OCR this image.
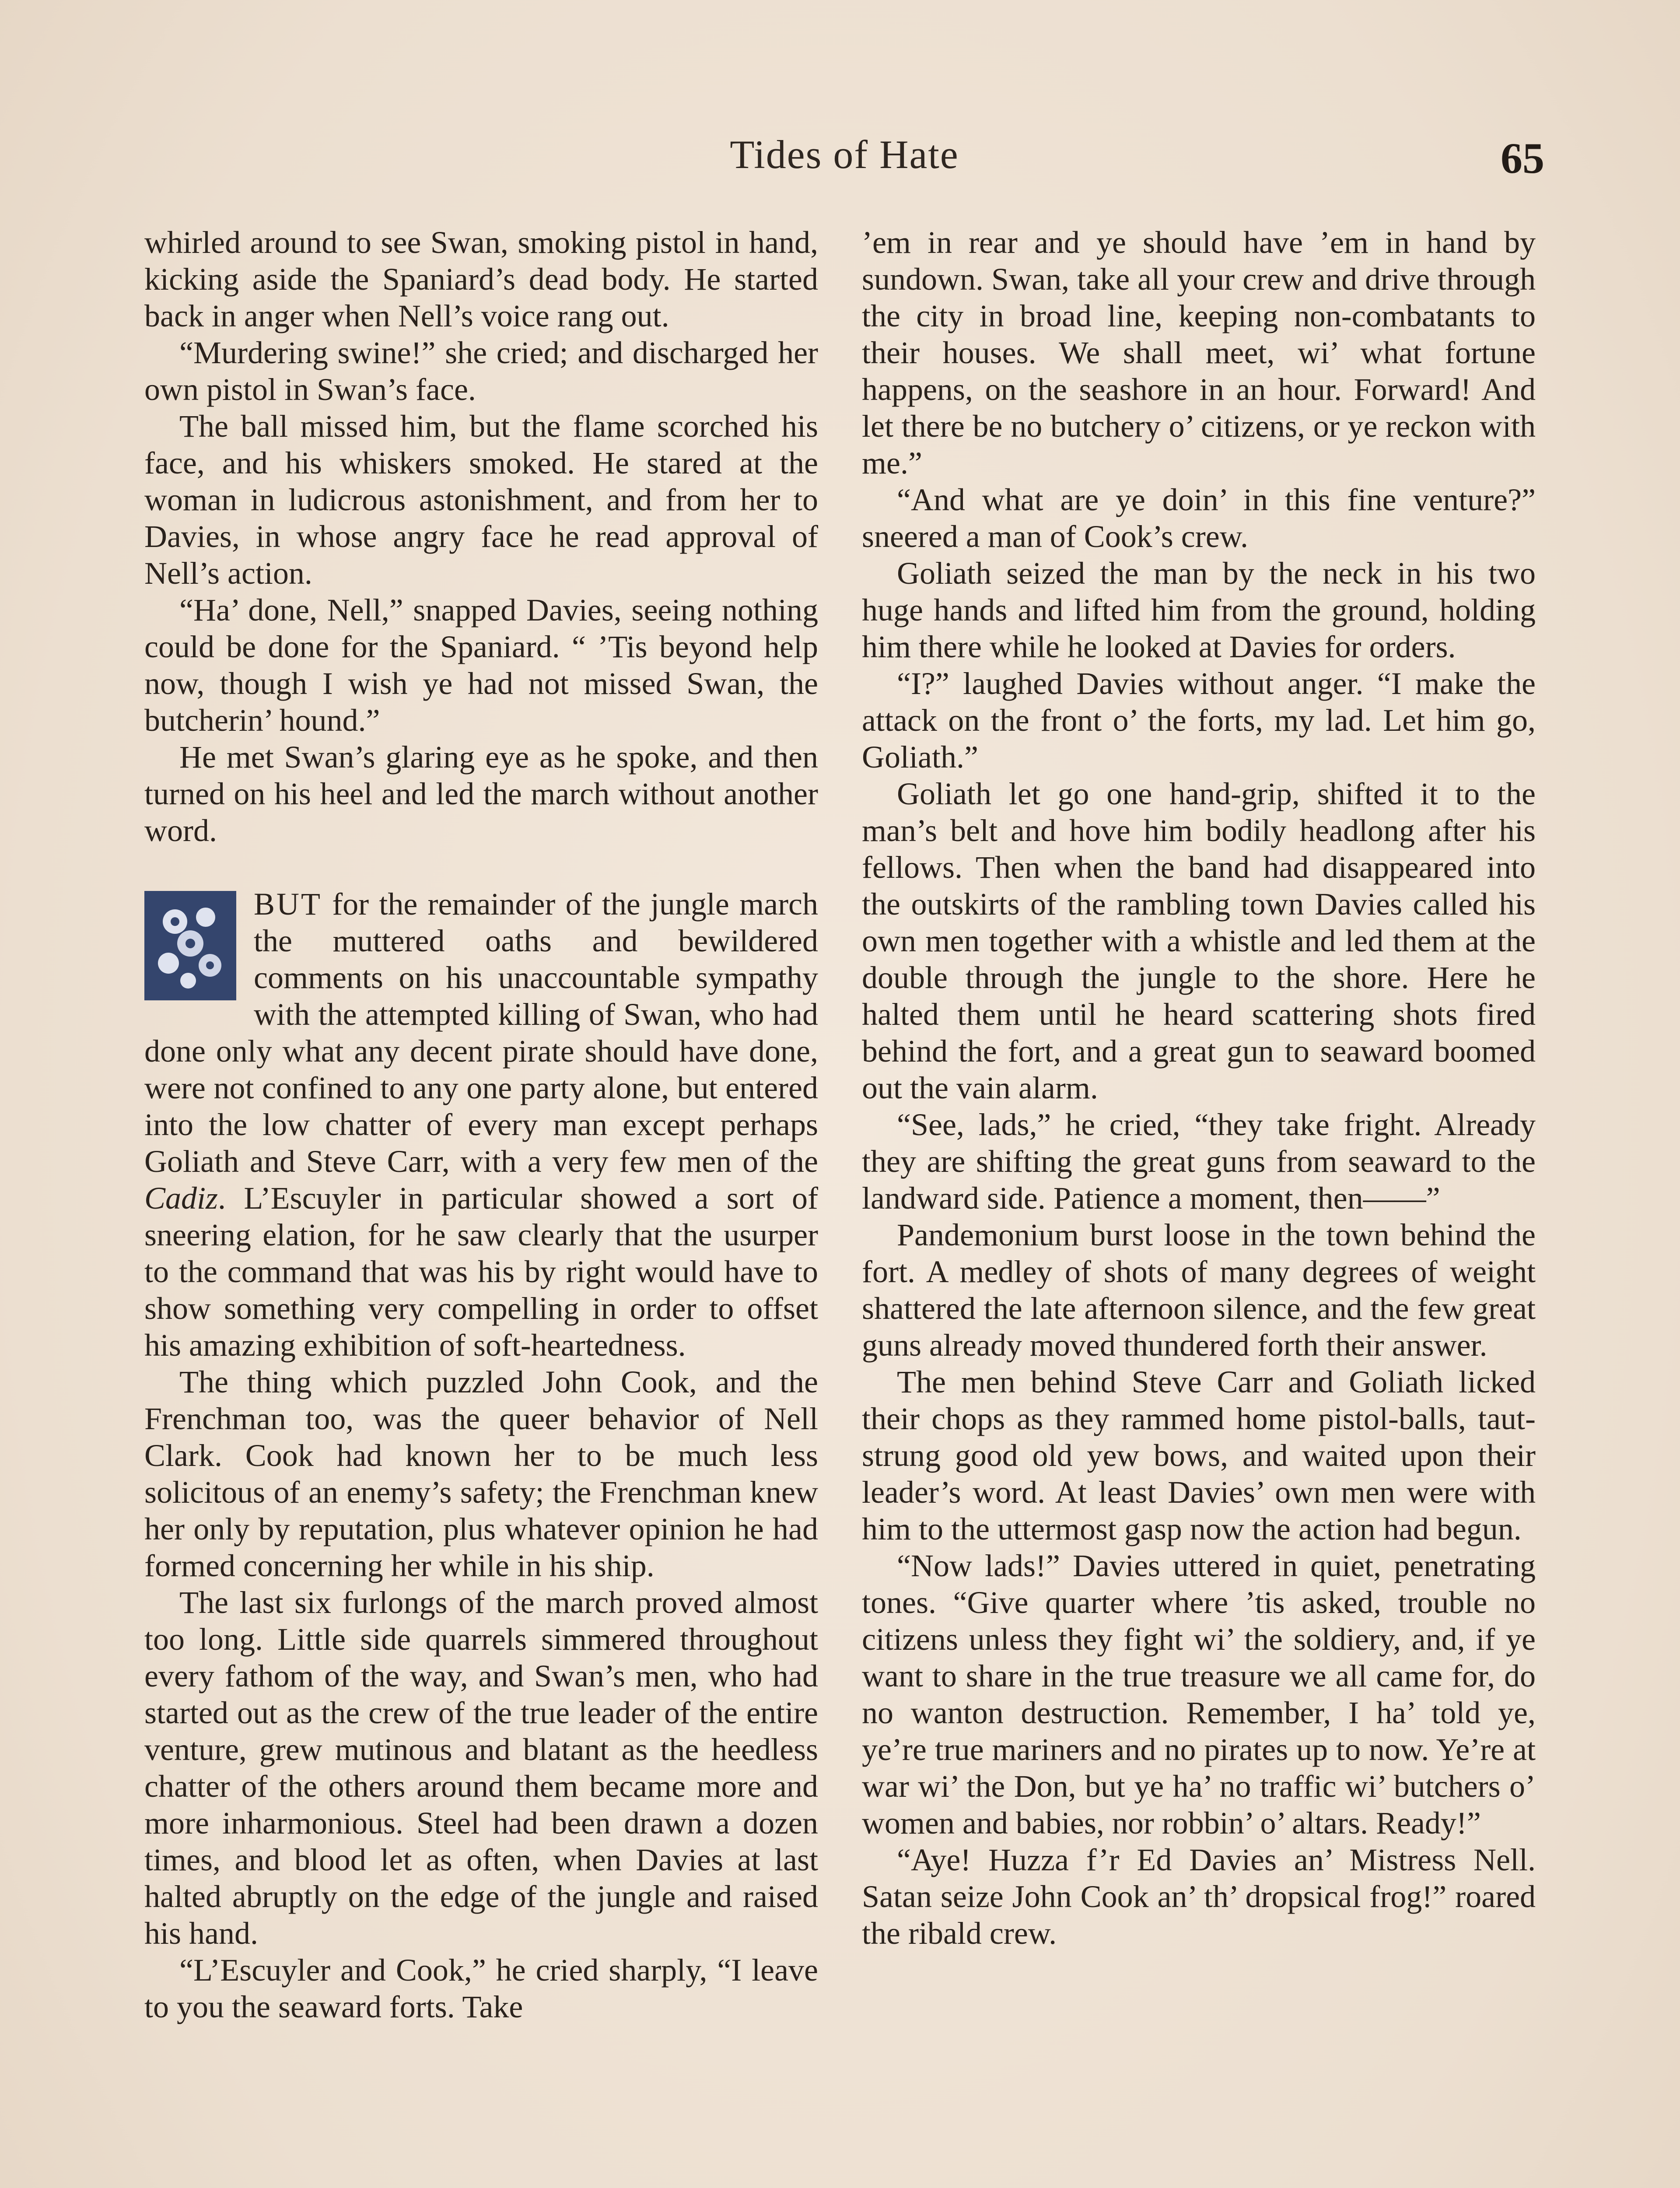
Tides of Hate	65

whirled around to see Swan, smoking pistol in hand, kicking aside the Spaniard’s dead body. He started back in anger when Nell’s voice rang out.

“Murdering swine!” she cried; and discharged her own pistol in Swan’s face.

The ball missed him, but the flame scorched his face, and his whiskers smoked. He stared at the woman in ludicrous astonishment, and from her to Davies, in whose angry face he read approval of Nell’s action.

“Ha’ done, Nell,” snapped Davies, seeing nothing could be done for the Spaniard. “ ’Tis beyond help now, though I wish ye had not missed Swan, the butcherin’ hound.”

He met Swan’s glaring eye as he spoke, and then turned on his heel and led the march without another word.

BUT for the remainder of the jungle march the muttered oaths and bewildered comments on his unaccountable sympathy with the attempted killing of Swan, who had done only what any decent pirate should have done, were not confined to any one party alone, but entered into the low chatter of every man except perhaps Goliath and Steve Carr, with a very few men of the Cadiz. L’Escuyler in particular showed a sort of sneering elation, for he saw clearly that the usurper to the command that was his by right would have to show something very compelling in order to offset his amazing exhibition of soft-heartedness.

The thing which puzzled John Cook, and the Frenchman too, was the queer behavior of Nell Clark. Cook had known her to be much less solicitous of an enemy’s safety; the Frenchman knew her only by reputation, plus whatever opinion he had formed concerning her while in his ship.

The last six furlongs of the march proved almost too long. Little side quarrels simmered throughout every fathom of the way, and Swan’s men, who had started out as the crew of the true leader of the entire venture, grew mutinous and blatant as the heedless chatter of the others around them became more and more inharmonious. Steel had been drawn a dozen times, and blood let as often, when Davies at last halted abruptly on the edge of the jungle and raised his hand.

“L’Escuyler and Cook,” he cried sharply, “I leave to you the seaward forts. Take

’em in rear and ye should have ’em in hand by sundown. Swan, take all your crew and drive through the city in broad line, keeping non-combatants to their houses. We shall meet, wi’ what fortune happens, on the seashore in an hour. Forward! And let there be no butchery o’ citizens, or ye reckon with me.”

“And what are ye doin’ in this fine venture?” sneered a man of Cook’s crew.

Goliath seized the man by the neck in his two huge hands and lifted him from the ground, holding him there while he looked at Davies for orders.

“I?” laughed Davies without anger. “I make the attack on the front o’ the forts, my lad. Let him go, Goliath.”

Goliath let go one hand-grip, shifted it to the man’s belt and hove him bodily headlong after his fellows. Then when the band had disappeared into the outskirts of the rambling town Davies called his own men together with a whistle and led them at the double through the jungle to the shore. Here he halted them until he heard scattering shots fired behind the fort, and a great gun to seaward boomed out the vain alarm.

“See, lads,” he cried, “they take fright. Already they are shifting the great guns from seaward to the landward side. Patience a moment, then——”

Pandemonium burst loose in the town behind the fort. A medley of shots of many degrees of weight shattered the late afternoon silence, and the few great guns already moved thundered forth their answer.

The men behind Steve Carr and Goliath licked their chops as they rammed home pistol-balls, taut-strung good old yew bows, and waited upon their leader’s word. At least Davies’ own men were with him to the uttermost gasp now the action had begun.

“Now lads!” Davies uttered in quiet, penetrating tones. “Give quarter where ’tis asked, trouble no citizens unless they fight wi’ the soldiery, and, if ye want to share in the true treasure we all came for, do no wanton destruction. Remember, I ha’ told ye, ye’re true mariners and no pirates up to now. Ye’re at war wi’ the Don, but ye ha’ no traffic wi’ butchers o’ women and babies, nor robbin’ o’ altars. Ready!”

“Aye! Huzza f’r Ed Davies an’ Mistress Nell. Satan seize John Cook an’ th’ dropsical frog!” roared the ribald crew.
